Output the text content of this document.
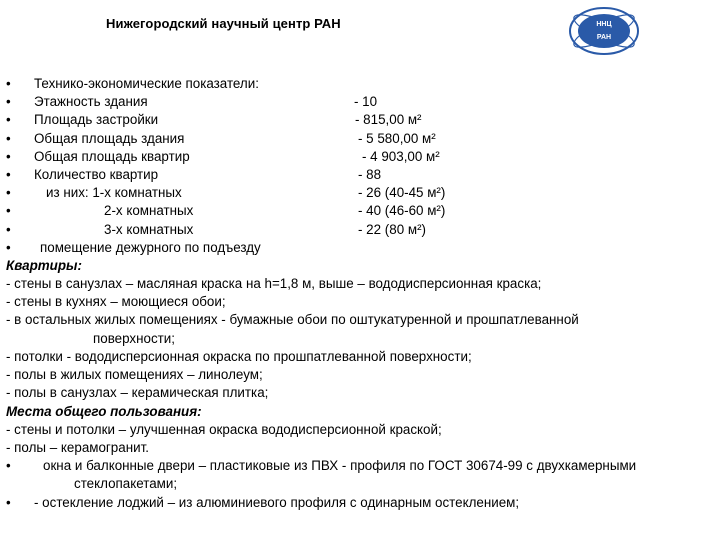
Нижегородский научный центр РАН	ННЦ
РАН
• Технико-экономические показатели:
• Этажность здания	- 10
• Площадь застройки	- 815,00 м²
• Общая площадь здания	- 5 580,00 м²
• Общая площадь квартир	- 4 903,00 м²
• Количество квартир	- 88
•	из них: 1-х комнатных	- 26 (40-45 м²)
•	2-х комнатных	- 40 (46-60 м²)
•	3-х комнатных	- 22 (80 м²)
• помещение дежурного по подъезду
Квартиры:
- стены в санузлах – масляная краска на h=1,8 м, выше – вододисперсионная краска;
- стены в кухнях – моющиеся обои;
- в остальных жилых помещениях - бумажные обои по оштукатуренной и прошпатлеванной
поверхности;
- потолки - вододисперсионная окраска по прошпатлеванной поверхности;
- полы в жилых помещениях – линолеум;
- полы в санузлах – керамическая плитка;
Места общего пользования:
- стены и потолки – улучшенная окраска вододисперсионной краской;
- полы – керамогранит.
• окна и балконные двери – пластиковые из ПВХ - профиля по ГОСТ 30674-99 с двухкамерными
стеклопакетами;
• - остекление лоджий – из алюминиевого профиля с одинарным остеклением;
